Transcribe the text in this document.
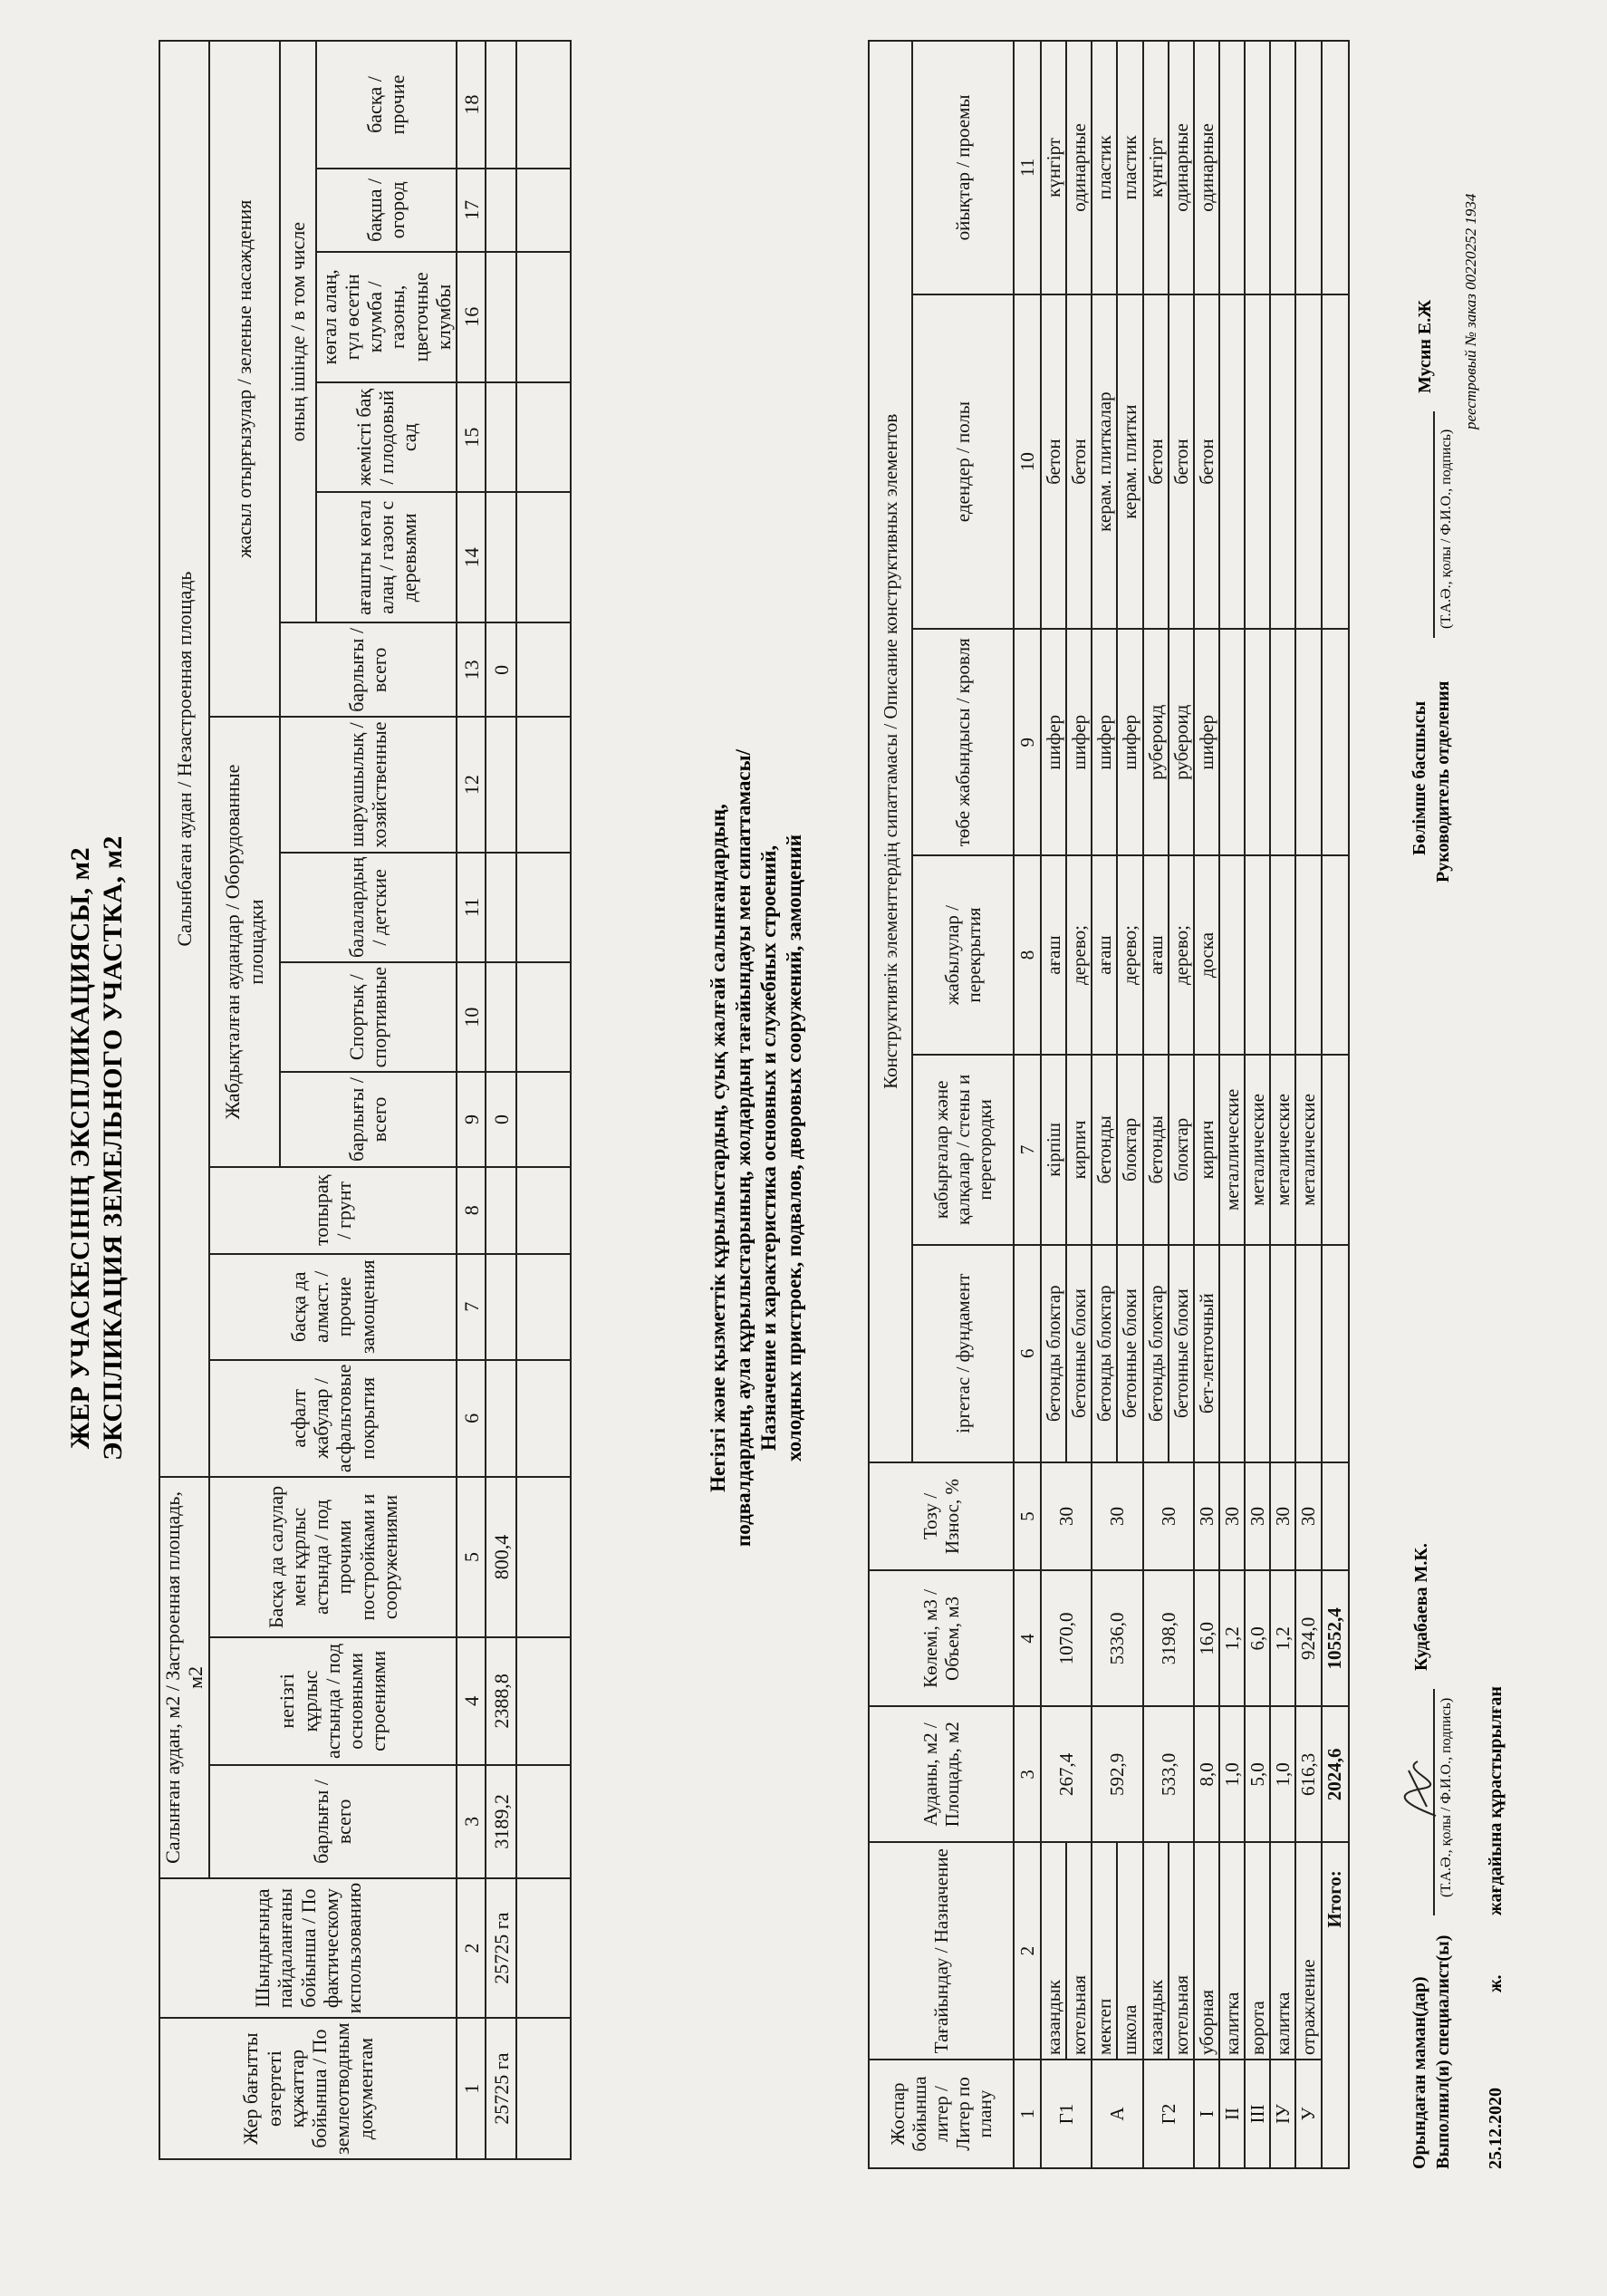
ЖЕР УЧАСКЕСІНІҢ ЭКСПЛИКАЦИЯСЫ, м2 ЭКСПЛИКАЦИЯ ЗЕМЕЛЬНОГО УЧАСТКА, м2
Жер бағытты өзгертеті құжаттар бойынша / По землеотводным документам	Шындығында пайдаланғаны бойынша / По фактическому использованию	Салынған аудан, м2 / Застроенная площадь, м2			Салынбаған аудан / Незастроенная площадь												
		барлығы / всего	негізгі құрлыс астында / под основными строениями	Басқа да салулар мен құрлыс астында / под прочими постройками и сооружениями	асфалт жабулар / асфальтовые покрытия	басқа да алмаст. / прочие замощения	топырақ / грунт	Жабдықталған аудандар / Оборудованные площадки				жасыл отырғызулар / зеленые насаждения					
								барлығы / всего	Спортық / спортивные	балалардың / детские	шаруашылық / хозяйственные	барлығы / всего	оның ішінде / в том числе				
													ағашты көгал алаң / газон с деревьями	жемісті бақ / плодовый сад	көгал алаң, гүл өсетін клумба / газоны, цветочные клумбы	бақша / огород	басқа / прочие
1	2	3	4	5	6	7	8	9	10	11	12	13	14	15	16	17	18
25725 га	25725 га	3189,2	2388,8	800,4				0				0					

Негізгі және қызметтік құрылыстардың, суық жалғай салынғандардың, подвалдардың, аула құрылыстарының, жолдардың тағайындауы мен сипаттамасы/ Назначение и характеристика основных и служебных строений, холодных пристроек, подвалов, дворовых сооружений, замощений
Жоспар бойынша литер / Литер по плану	Тағайындау / Назначение	Ауданы, м2 / Площадь, м2	Көлемі, м3 / Объем, м3	Тозу / Износ, %	Конструктивтік элементтердің сипаттамасы / Описание конструктивных элементов					
					іргетас / фундамент	кабырғалар және қалқалар / стены и перегородки	жабылулар / перекрытия	төбе жабындысы / кровля	едендер / полы	ойықтар / проемы
1	2	3	4	5	6	7	8	9	10	11
Г1	казандык	267,4	1070,0	30	бетонды блоктар	кірпіш	ағаш	шифер	бетон	күнгірт
	котельная				бетонные блоки	кирпич	дерево;	шифер	бетон	одинарные
А	мектеп	592,9	5336,0	30	бетонды блоктар	бетонды	ағаш	шифер	керам. плиткалар	пластик
	школа				бетонные блоки	блоктар	дерево;	шифер	керам. плитки	пластик
Г2	казандык	533,0	3198,0	30	бетонды блоктар	бетонды	ағаш	рубероид	бетон	күнгірт
	котельная				бетонные блоки	блоктар	дерево;	рубероид	бетон	одинарные
І	уборная	8,0	16,0	30	бет-ленточный	кирпич	доска	шифер	бетон	одинарные
ІІ	калитка	1,0	1,2	30		металлические				
ІІІ	ворота	5,0	6,0	30		металические				
ІУ	калитка	1,0	1,2	30		металические				
У	отражление	616,3	924,0	30		металические				
Итого:		2024,6	10552,4							
Орындаған маман(дар) Выполнил(и) специалист(ы)
Кудабаева М.К.
(Т.А.Ә., қолы / Ф.И.О., подпись)
Бөлімше басшысы Руководитель отделения
(Т.А.Ә., қолы / Ф.И.О., подпись)
Мусин Е.Ж
25.12.2020
ж.
жағдайына құрастырылған
реестровый № заказ 00220252 1934
